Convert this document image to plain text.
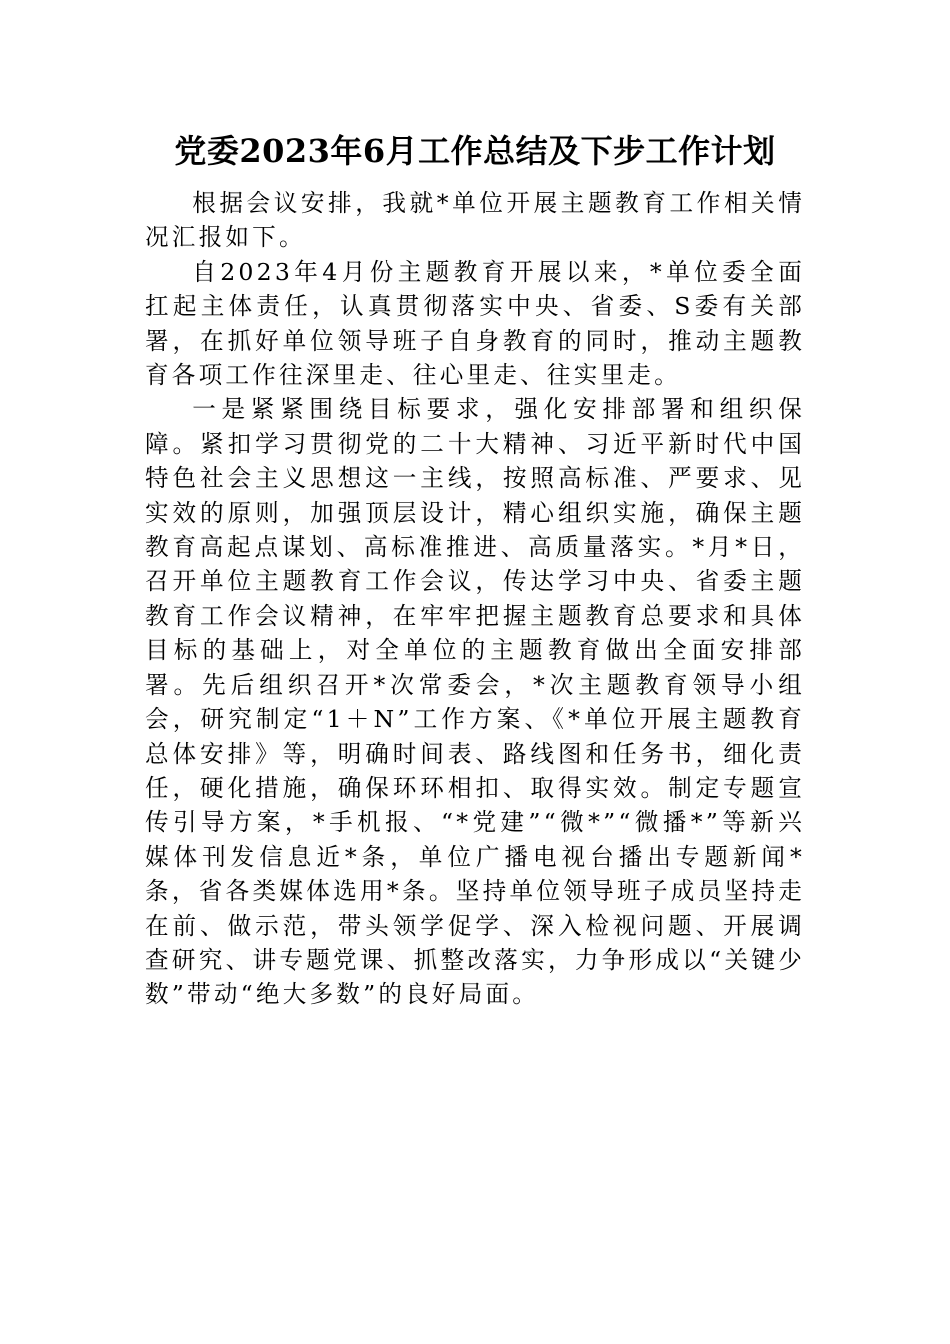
党委2023年6月工作总结及下步工作计划

根据会议安排，我就*单位开展主题教育工作相关情况汇报如下。

自2023年4月份主题教育开展以来，*单位委全面扛起主体责任，认真贯彻落实中央、省委、S委有关部署，在抓好单位领导班子自身教育的同时，推动主题教育各项工作往深里走、往心里走、往实里走。

一是紧紧围绕目标要求，强化安排部署和组织保障。紧扣学习贯彻党的二十大精神、习近平新时代中国特色社会主义思想这一主线，按照高标准、严要求、见实效的原则，加强顶层设计，精心组织实施，确保主题教育高起点谋划、高标准推进、高质量落实。*月*日，召开单位主题教育工作会议，传达学习中央、省委主题教育工作会议精神，在牢牢把握主题教育总要求和具体目标的基础上，对全单位的主题教育做出全面安排部署。先后组织召开*次常委会，*次主题教育领导小组会，研究制定“1＋N”工作方案、《*单位开展主题教育总体安排》等，明确时间表、路线图和任务书，细化责任，硬化措施，确保环环相扣、取得实效。制定专题宣传引导方案，*手机报、“*党建”“微*”“微播*”等新兴媒体刊发信息近*条，单位广播电视台播出专题新闻*条，省各类媒体选用*条。坚持单位领导班子成员坚持走在前、做示范，带头领学促学、深入检视问题、开展调查研究、讲专题党课、抓整改落实，力争形成以“关键少数”带动“绝大多数”的良好局面。
